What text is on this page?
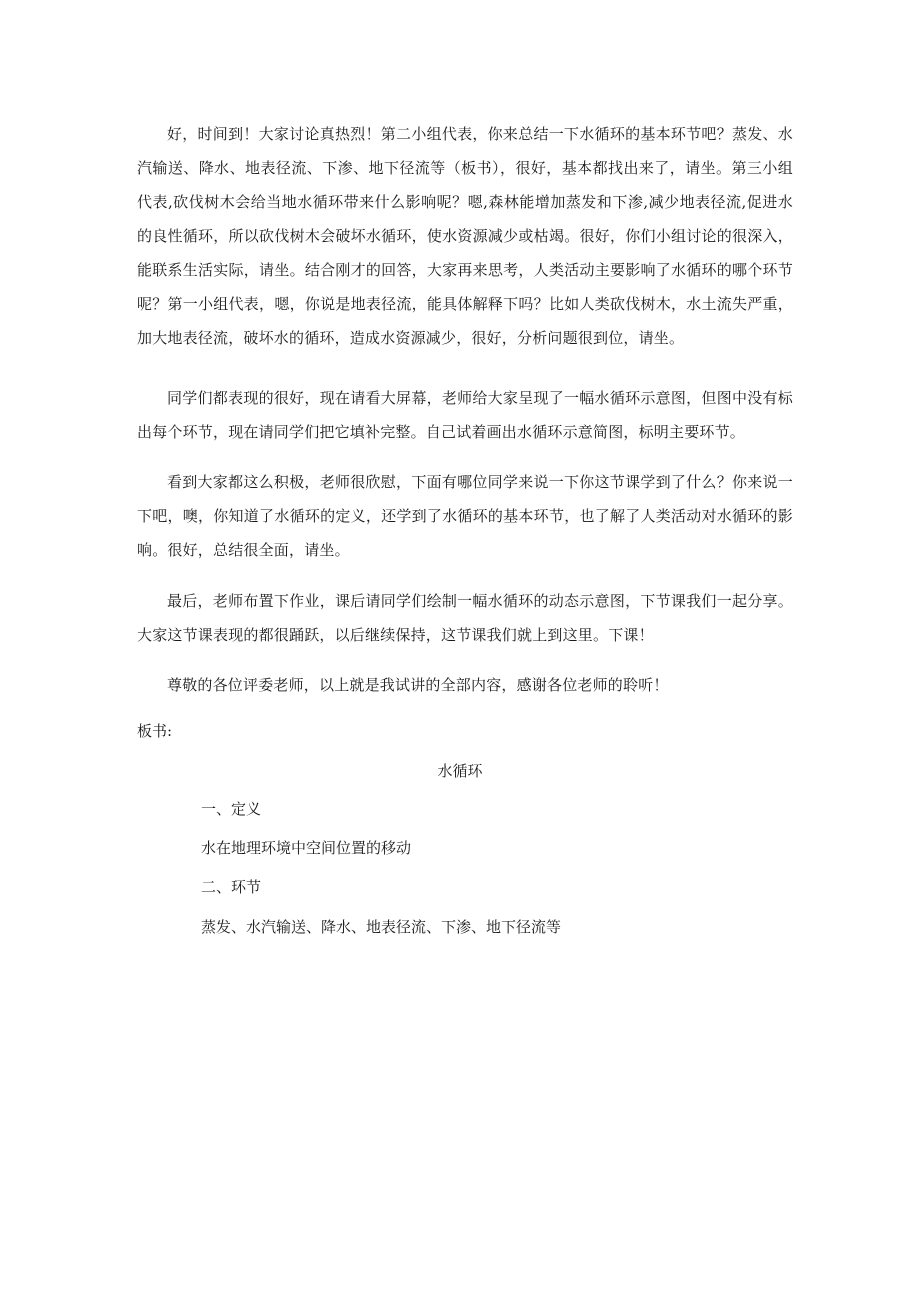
好，时间到！大家讨论真热烈！第二小组代表，你来总结一下水循环的基本环节吧？蒸发、水汽输送、降水、地表径流、下渗、地下径流等（板书），很好，基本都找出来了，请坐。第三小组代表,砍伐树木会给当地水循环带来什么影响呢？嗯,森林能增加蒸发和下渗,减少地表径流,促进水的良性循环，所以砍伐树木会破坏水循环，使水资源减少或枯竭。很好，你们小组讨论的很深入，能联系生活实际，请坐。结合刚才的回答，大家再来思考，人类活动主要影响了水循环的哪个环节呢？第一小组代表，嗯，你说是地表径流，能具体解释下吗？比如人类砍伐树木，水土流失严重，加大地表径流，破坏水的循环，造成水资源减少，很好，分析问题很到位，请坐。

同学们都表现的很好，现在请看大屏幕，老师给大家呈现了一幅水循环示意图，但图中没有标出每个环节，现在请同学们把它填补完整。自己试着画出水循环示意简图，标明主要环节。

看到大家都这么积极，老师很欣慰，下面有哪位同学来说一下你这节课学到了什么？你来说一下吧，噢，你知道了水循环的定义，还学到了水循环的基本环节，也了解了人类活动对水循环的影响。很好，总结很全面，请坐。

最后，老师布置下作业，课后请同学们绘制一幅水循环的动态示意图，下节课我们一起分享。大家这节课表现的都很踊跃，以后继续保持，这节课我们就上到这里。下课！

尊敬的各位评委老师，以上就是我试讲的全部内容，感谢各位老师的聆听！

板书:

水循环

一、定义

水在地理环境中空间位置的移动

二、环节

蒸发、水汽输送、降水、地表径流、下渗、地下径流等
